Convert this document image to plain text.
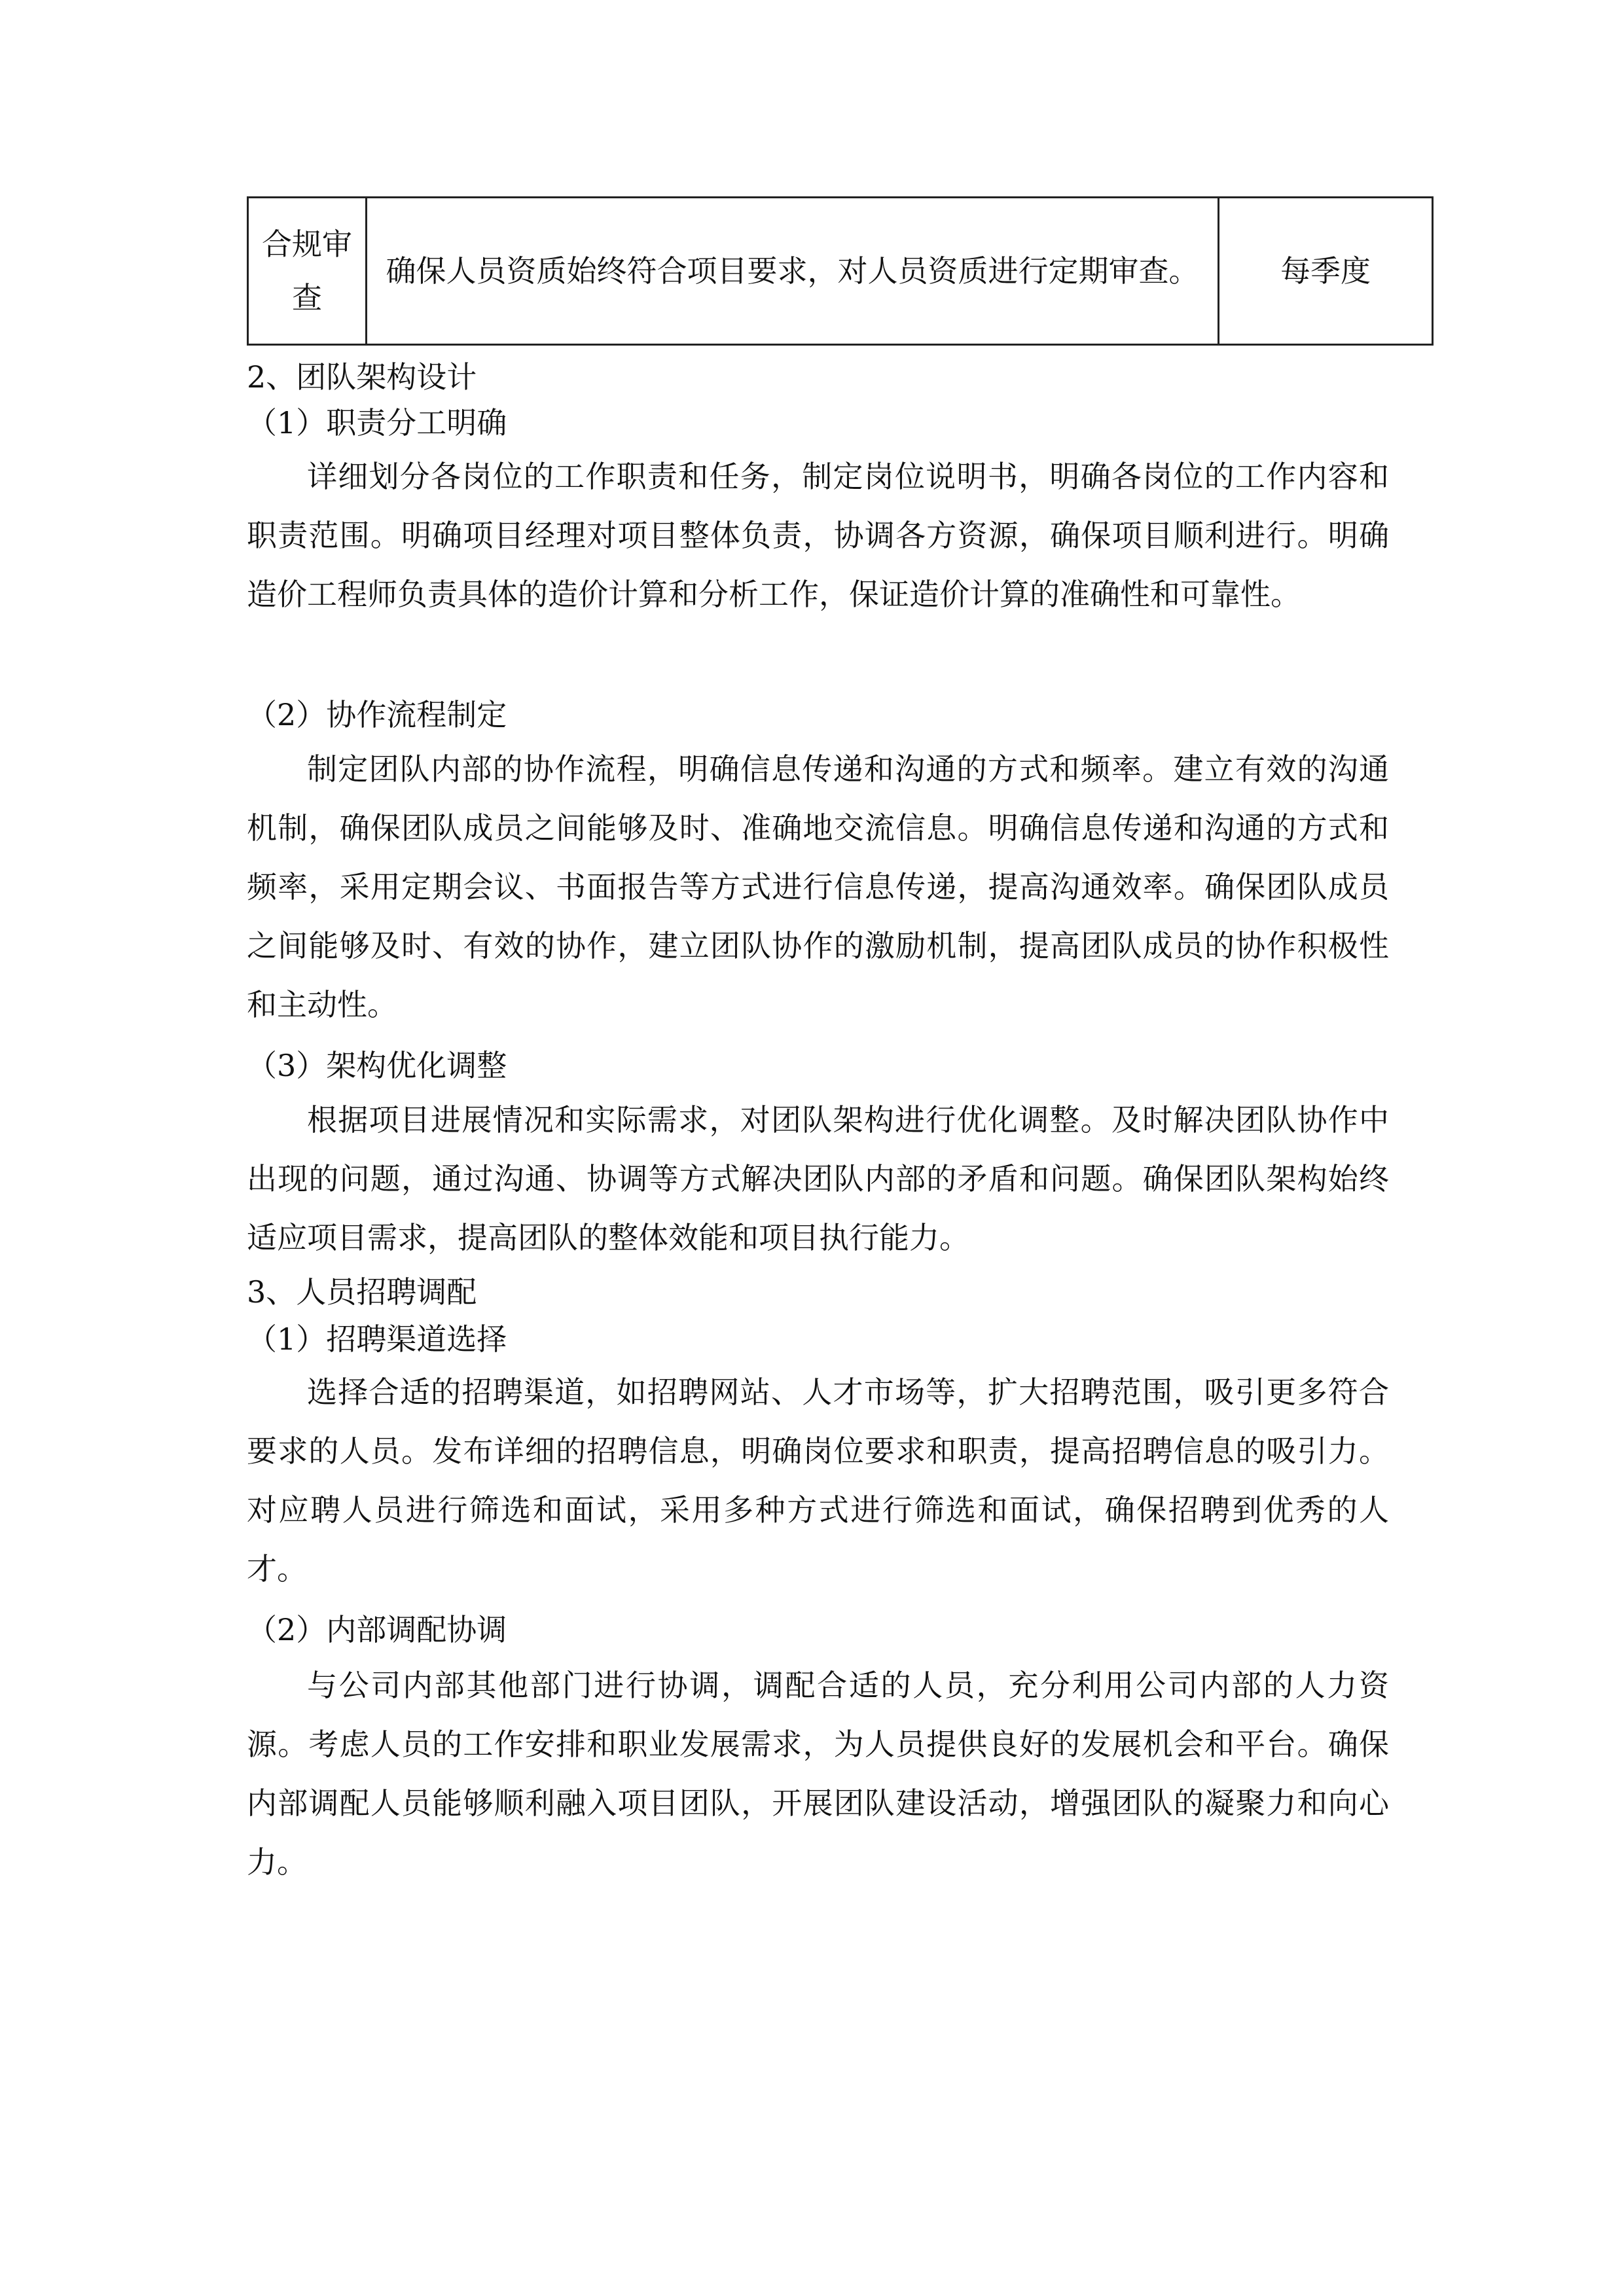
合规审查	确保人员资质始终符合项目要求，对人员资质进行定期审查。	每季度

2、团队架构设计

（1）职责分工明确

详细划分各岗位的工作职责和任务，制定岗位说明书，明确各岗位的工作内容和职责范围。明确项目经理对项目整体负责，协调各方资源，确保项目顺利进行。明确造价工程师负责具体的造价计算和分析工作，保证造价计算的准确性和可靠性。

（2）协作流程制定

制定团队内部的协作流程，明确信息传递和沟通的方式和频率。建立有效的沟通机制，确保团队成员之间能够及时、准确地交流信息。明确信息传递和沟通的方式和频率，采用定期会议、书面报告等方式进行信息传递，提高沟通效率。确保团队成员之间能够及时、有效的协作，建立团队协作的激励机制，提高团队成员的协作积极性和主动性。

（3）架构优化调整

根据项目进展情况和实际需求，对团队架构进行优化调整。及时解决团队协作中出现的问题，通过沟通、协调等方式解决团队内部的矛盾和问题。确保团队架构始终适应项目需求，提高团队的整体效能和项目执行能力。

3、人员招聘调配

（1）招聘渠道选择

选择合适的招聘渠道，如招聘网站、人才市场等，扩大招聘范围，吸引更多符合要求的人员。发布详细的招聘信息，明确岗位要求和职责，提高招聘信息的吸引力。对应聘人员进行筛选和面试，采用多种方式进行筛选和面试，确保招聘到优秀的人才。

（2）内部调配协调

与公司内部其他部门进行协调，调配合适的人员，充分利用公司内部的人力资源。考虑人员的工作安排和职业发展需求，为人员提供良好的发展机会和平台。确保内部调配人员能够顺利融入项目团队，开展团队建设活动，增强团队的凝聚力和向心力。
